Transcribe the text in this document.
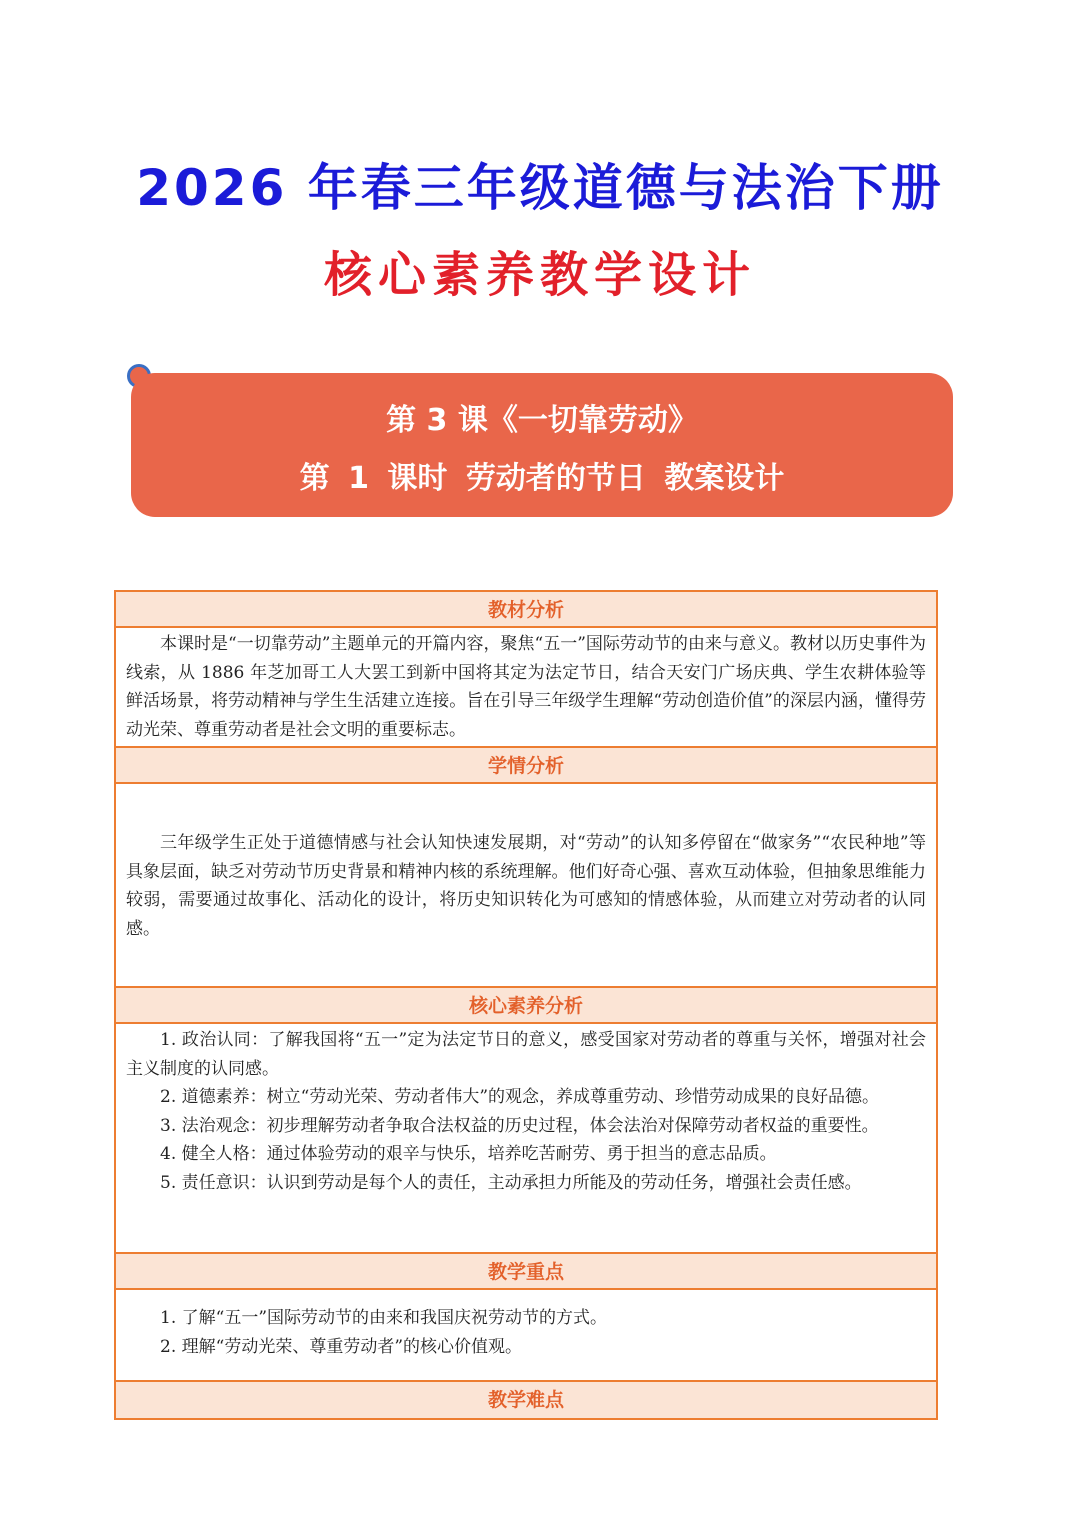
2026 年春三年级道德与法治下册
核心素养教学设计
第 3 课《一切靠劳动》
第 1 课时 劳动者的节日 教案设计
教材分析

本课时是“一切靠劳动”主题单元的开篇内容，聚焦“五一”国际劳动节的由来与意义。教材以历史事件为线索，从 1886 年芝加哥工人大罢工到新中国将其定为法定节日，结合天安门广场庆典、学生农耕体验等鲜活场景，将劳动精神与学生生活建立连接。旨在引导三年级学生理解“劳动创造价值”的深层内涵，懂得劳动光荣、尊重劳动者是社会文明的重要标志。

学情分析

三年级学生正处于道德情感与社会认知快速发展期，对“劳动”的认知多停留在“做家务”“农民种地”等具象层面，缺乏对劳动节历史背景和精神内核的系统理解。他们好奇心强、喜欢互动体验，但抽象思维能力较弱，需要通过故事化、活动化的设计，将历史知识转化为可感知的情感体验，从而建立对劳动者的认同感。

核心素养分析

1. 政治认同：了解我国将“五一”定为法定节日的意义，感受国家对劳动者的尊重与关怀，增强对社会主义制度的认同感。

2. 道德素养：树立“劳动光荣、劳动者伟大”的观念，养成尊重劳动、珍惜劳动成果的良好品德。

3. 法治观念：初步理解劳动者争取合法权益的历史过程，体会法治对保障劳动者权益的重要性。

4. 健全人格：通过体验劳动的艰辛与快乐，培养吃苦耐劳、勇于担当的意志品质。

5. 责任意识：认识到劳动是每个人的责任，主动承担力所能及的劳动任务，增强社会责任感。

教学重点

1. 了解“五一”国际劳动节的由来和我国庆祝劳动节的方式。

2. 理解“劳动光荣、尊重劳动者”的核心价值观。

教学难点
